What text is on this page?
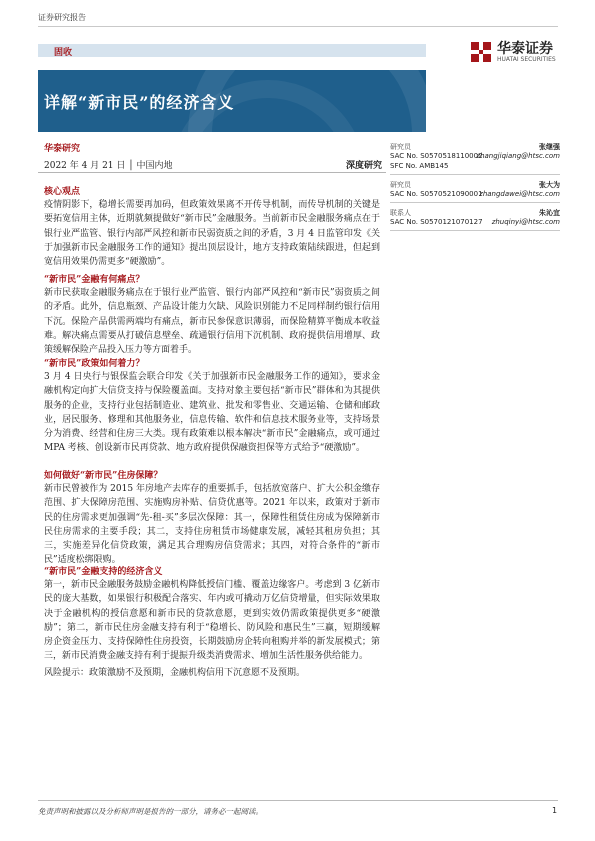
证券研究报告
固收	华泰证券
HUATAI SECURITIES
详解“新市民”的经济含义
华泰研究
2022 年 4 月 21 日 │ 中国内地	深度研究
研究员	张继强
SAC No. S0570518110002
zhangjiqiang@htsc.com
SFC No. AMB145
研究员	张大为
SAC No. S0570521090001
zhangdawei@htsc.com
联系人	朱沁宜
SAC No. S0570121070127 zhuqinyi@htsc.com
核心观点
疫情阴影下，稳增长需要再加码，但政策效果离不开传导机制，而传导机制的关键是要拓宽信用主体，近期就频提做好“新市民”金融服务。当前新市民金融服务痛点在于银行业严监管、银行内部严风控和新市民弱资质之间的矛盾，3 月 4 日监管印发《关于加强新市民金融服务工作的通知》提出顶层设计，地方支持政策陆续跟进，但起到宽信用效果仍需更多“硬激励”。
“新市民”金融有何痛点？
新市民获取金融服务痛点在于银行业严监管、银行内部严风控和“新市民”弱资质之间的矛盾。此外，信息瓶颈、产品设计能力欠缺、风险识别能力不足同样制约银行信用下沉。保险产品供需两端均有痛点，新市民参保意识薄弱，而保险精算平衡成本收益难。解决痛点需要从打破信息壁垒、疏通银行信用下沉机制、政府提供信用增厚、政策缓解保险产品投入压力等方面着手。
“新市民”政策如何着力？
3 月 4 日央行与银保监会联合印发《关于加强新市民金融服务工作的通知》，要求金融机构定向扩大信贷支持与保险覆盖面。支持对象主要包括“新市民”群体和为其提供服务的企业，支持行业包括制造业、建筑业、批发和零售业、交通运输、仓储和邮政业，居民服务、修理和其他服务业，信息传输、软件和信息技术服务业等，支持场景分为消费、经营和住房三大类。现有政策难以根本解决“新市民”金融痛点，或可通过 MPA 考核、创设新市民再贷款、地方政府提供保融资担保等方式给予“硬激励”。
如何做好“新市民”住房保障？
新市民曾被作为 2015 年房地产去库存的重要抓手，包括放宽落户、扩大公积金缴存范围、扩大保障房范围、实施购房补贴、信贷优惠等。2021 年以来，政策对于新市民的住房需求更加强调“先-租-买”多层次保障：其一，保障性租赁住房成为保障新市民住房需求的主要手段；其二，支持住房租赁市场健康发展，减轻其租房负担；其三，实施差异化信贷政策，满足其合理购房信贷需求；其四，对符合条件的“新市民”适度松绑限购。
“新市民”金融支持的经济含义
第一，新市民金融服务鼓励金融机构降低授信门槛、覆盖边缘客户。考虑到 3 亿新市民的庞大基数，如果银行积极配合落实、年内或可撬动万亿信贷增量，但实际效果取决于金融机构的授信意愿和新市民的贷款意愿，更到实效仍需政策提供更多“硬激励”；第二，新市民住房金融支持有利于“稳增长、防风险和惠民生”三赢，短期缓解房企资金压力、支持保障性住房投资，长期鼓励房企转向租购并举的新发展模式；第三，新市民消费金融支持有利于提振升级类消费需求、增加生活性服务供给能力。
风险提示：政策激励不及预期，金融机构信用下沉意愿不及预期。
免责声明和披露以及分析师声明是报告的一部分，请务必一起阅读。	1
